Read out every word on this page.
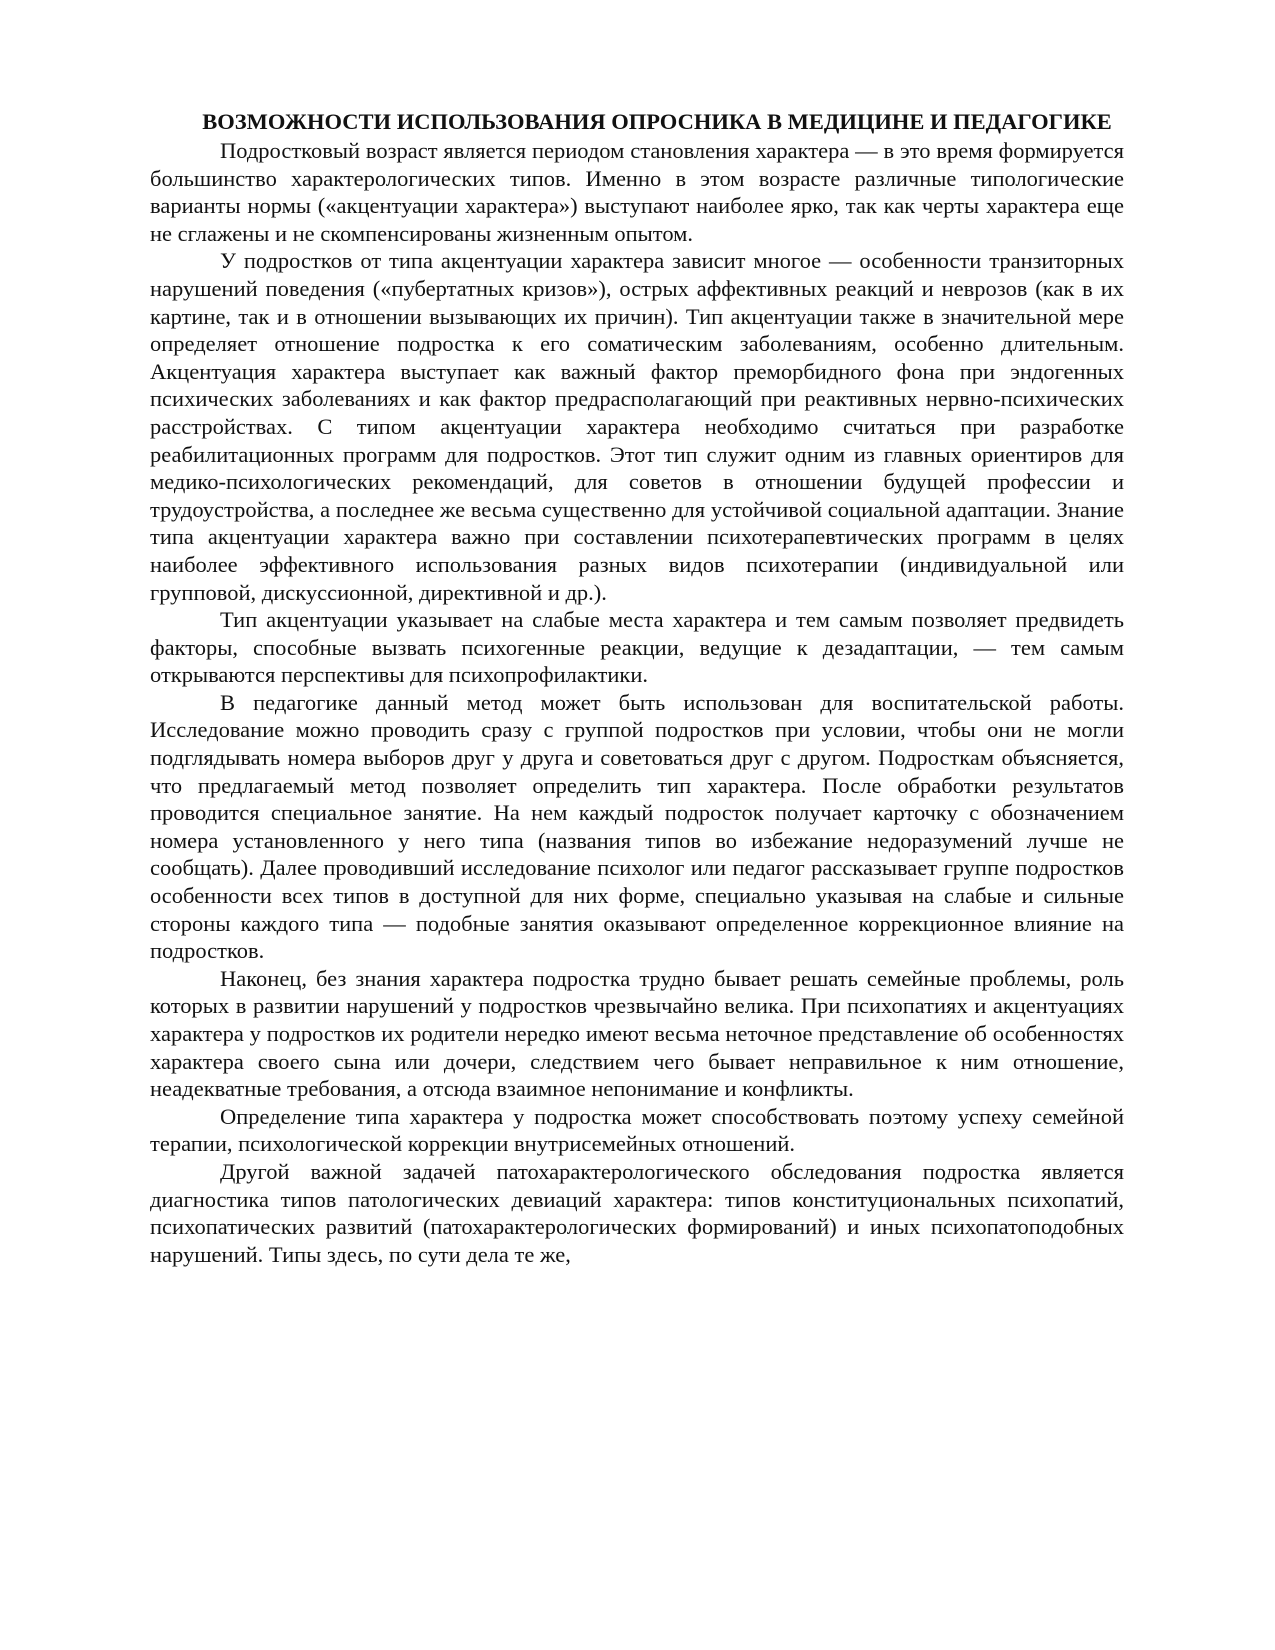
ВОЗМОЖНОСТИ ИСПОЛЬЗОВАНИЯ ОПРОСНИКА В МЕДИЦИНЕ И ПЕДАГОГИКЕ

Подростковый возраст является периодом становления характера — в это время формируется большинство характерологических типов. Именно в этом возрасте различные типологические варианты нормы («акцентуации характера») выступают наиболее ярко, так как черты характера еще не сглажены и не скомпенсированы жизненным опытом.

У подростков от типа акцентуации характера зависит многое — особенности транзиторных нарушений поведения («пубертатных кризов»), острых аффективных реакций и неврозов (как в их картине, так и в отношении вызывающих их причин). Тип акцентуации также в значительной мере определяет отношение подростка к его соматическим заболеваниям, особенно длительным. Акцентуация характера выступает как важный фактор преморбидного фона при эндогенных психических заболеваниях и как фактор предрасполагающий при реактивных нервно-психических расстройствах. С типом акцентуации характера необходимо считаться при разработке реабилитационных программ для подростков. Этот тип служит одним из главных ориентиров для медико-психологических рекомендаций, для советов в отношении будущей профессии и трудоустройства, а последнее же весьма существенно для устойчивой социальной адаптации. Знание типа акцентуации характера важно при составлении психотерапевтических программ в целях наиболее эффективного использования разных видов психотерапии (индивидуальной или групповой, дискуссионной, директивной и др.).

Тип акцентуации указывает на слабые места характера и тем самым позволяет предвидеть факторы, способные вызвать психогенные реакции, ведущие к дезадаптации, — тем самым открываются перспективы для психопрофилактики.

В педагогике данный метод может быть использован для воспитательской работы. Исследование можно проводить сразу с группой подростков при условии, чтобы они не могли подглядывать номера выборов друг у друга и советоваться друг с другом. Подросткам объясняется, что предлагаемый метод позволяет определить тип характера. После обработки результатов проводится специальное занятие. На нем каждый подросток получает карточку с обозначением номера установленного у него типа (названия типов во избежание недоразумений лучше не сообщать). Далее проводивший исследование психолог или педагог рассказывает группе подростков особенности всех типов в доступной для них форме, специально указывая на слабые и сильные стороны каждого типа — подобные занятия оказывают определенное коррекционное влияние на подростков.

Наконец, без знания характера подростка трудно бывает решать семейные проблемы, роль которых в развитии нарушений у подростков чрезвычайно велика. При психопатиях и акцентуациях характера у подростков их родители нередко имеют весьма неточное представление об особенностях характера своего сына или дочери, следствием чего бывает неправильное к ним отношение, неадекватные требования, а отсюда взаимное непонимание и конфликты.

Определение типа характера у подростка может способствовать поэтому успеху семейной терапии, психологической коррекции внутрисемейных отношений.

Другой важной задачей патохарактерологического обследования подростка является диагностика типов патологических девиаций характера: типов конституциональных психопатий, психопатических развитий (патохарактерологических формирований) и иных психопатоподобных нарушений. Типы здесь, по сути дела те же,
